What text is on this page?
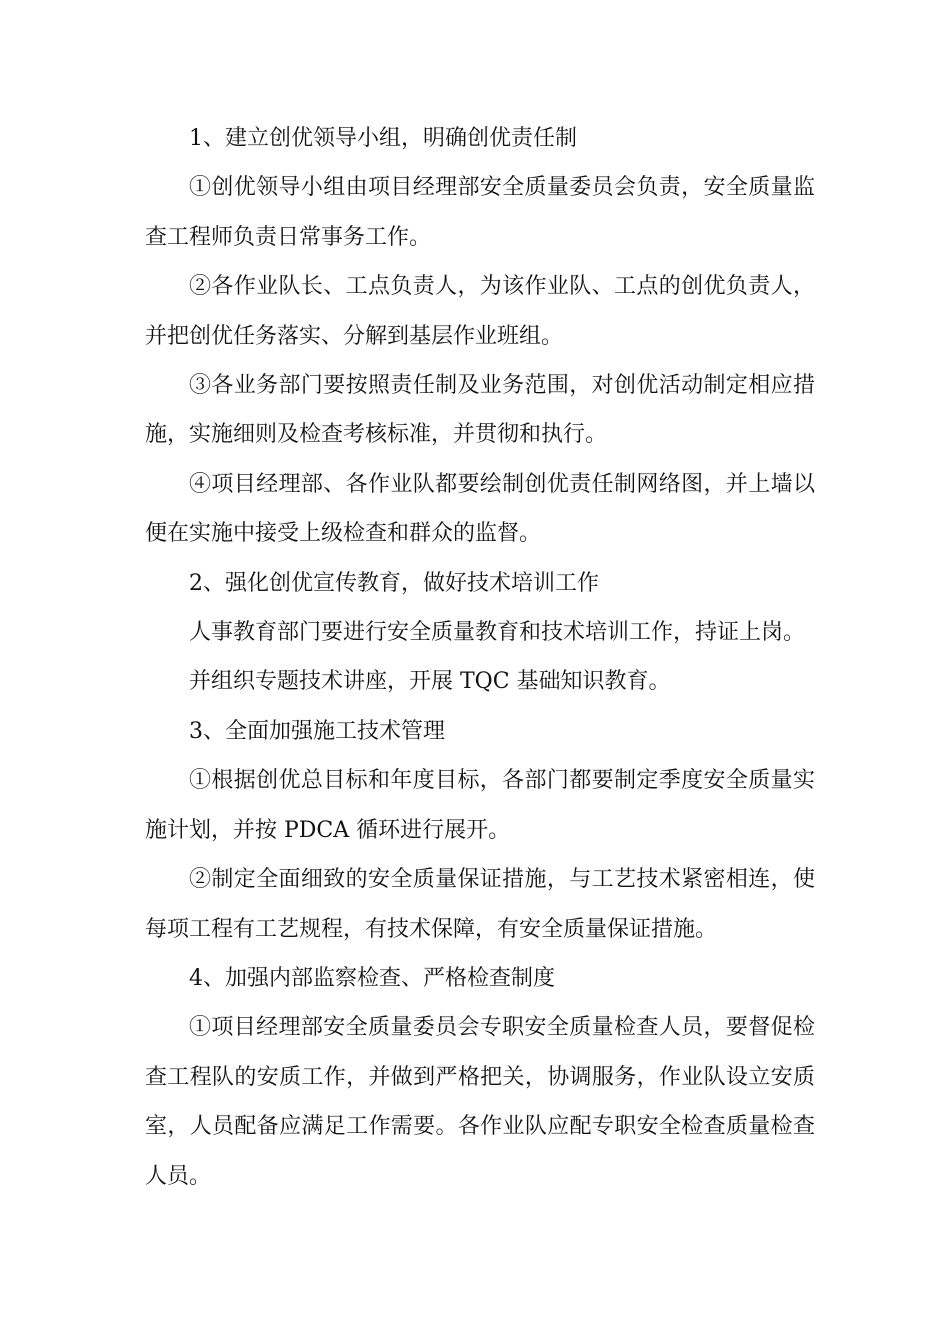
1、建立创优领导小组，明确创优责任制

①创优领导小组由项目经理部安全质量委员会负责，安全质量监查工程师负责日常事务工作。

②各作业队长、工点负责人，为该作业队、工点的创优负责人，并把创优任务落实、分解到基层作业班组。

③各业务部门要按照责任制及业务范围，对创优活动制定相应措施，实施细则及检查考核标准，并贯彻和执行。

④项目经理部、各作业队都要绘制创优责任制网络图，并上墙以便在实施中接受上级检查和群众的监督。

2、强化创优宣传教育，做好技术培训工作

人事教育部门要进行安全质量教育和技术培训工作，持证上岗。

并组织专题技术讲座，开展 TQC 基础知识教育。

3、全面加强施工技术管理

①根据创优总目标和年度目标，各部门都要制定季度安全质量实施计划，并按 PDCA 循环进行展开。

②制定全面细致的安全质量保证措施，与工艺技术紧密相连，使每项工程有工艺规程，有技术保障，有安全质量保证措施。

4、加强内部监察检查、严格检查制度

①项目经理部安全质量委员会专职安全质量检查人员，要督促检查工程队的安质工作，并做到严格把关，协调服务，作业队设立安质室，人员配备应满足工作需要。各作业队应配专职安全检查质量检查人员。
